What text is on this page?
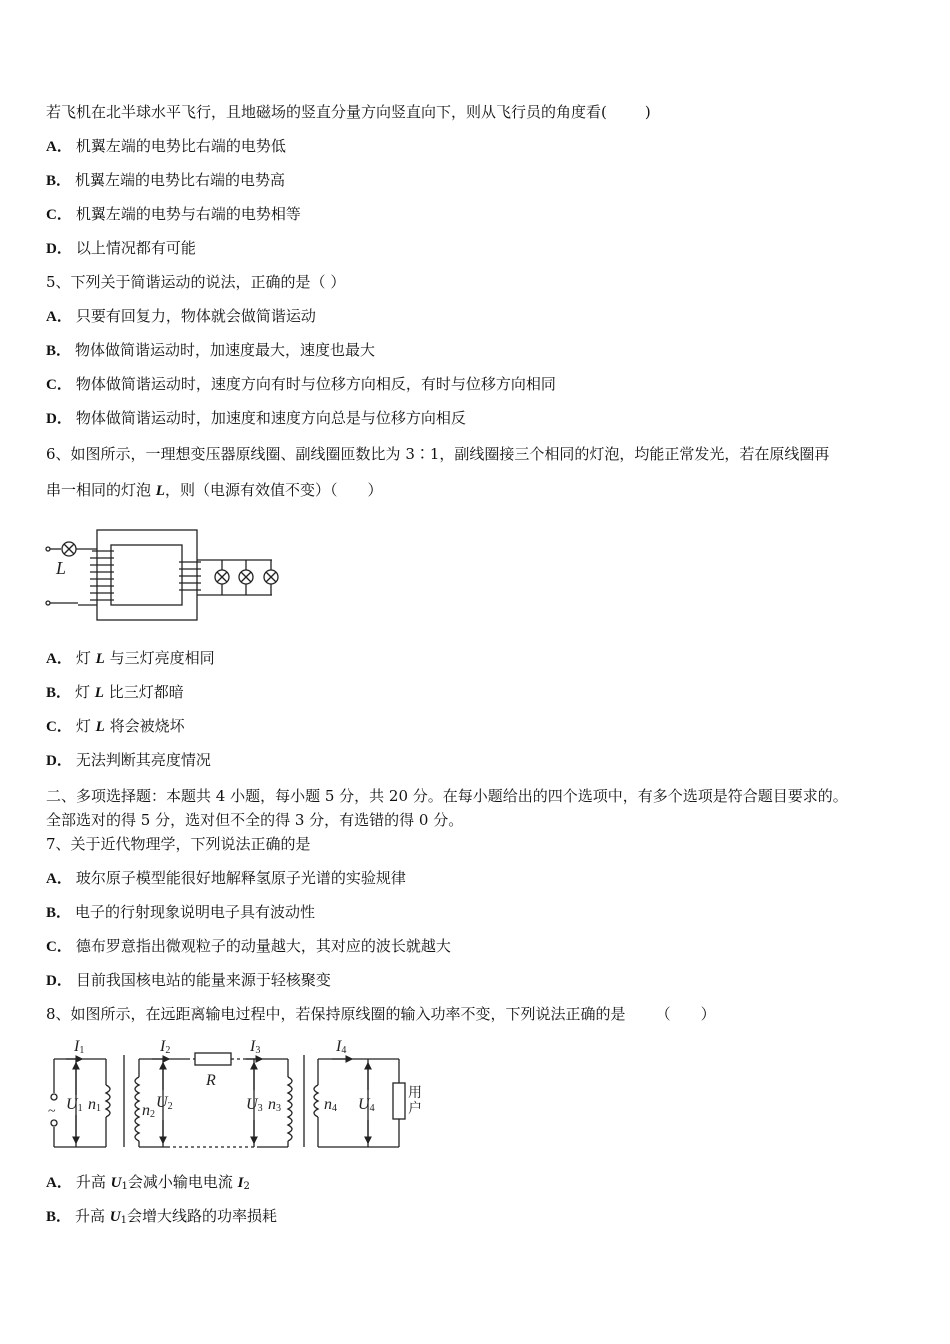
若飞机在北半球水平飞行，且地磁场的竖直分量方向竖直向下，则从飞行员的角度看(	)
A． 机翼左端的电势比右端的电势低
B． 机翼左端的电势比右端的电势高
C． 机翼左端的电势与右端的电势相等
D． 以上情况都有可能
5、下列关于简谐运动的说法，正确的是（ ）
A． 只要有回复力，物体就会做简谐运动
B． 物体做简谐运动时，加速度最大，速度也最大
C． 物体做简谐运动时，速度方向有时与位移方向相反，有时与位移方向相同
D． 物体做简谐运动时，加速度和速度方向总是与位移方向相反
6、如图所示，一理想变压器原线圈、副线圈匝数比为 3∶1，副线圈接三个相同的灯泡，均能正常发光，若在原线圈再
串一相同的灯泡 L，则（电源有效值不变）（　　）
L
A． 灯 L 与三灯亮度相同
B． 灯 L 比三灯都暗
C． 灯 L 将会被烧坏
D． 无法判断其亮度情况
二、多项选择题：本题共 4 小题，每小题 5 分，共 20 分。在每小题给出的四个选项中，有多个选项是符合题目要求的。
全部选对的得 5 分，选对但不全的得 3 分，有选错的得 0 分。
7、关于近代物理学，下列说法正确的是
A． 玻尔原子模型能很好地解释氢原子光谱的实验规律
B． 电子的行射现象说明电子具有波动性
C． 德布罗意指出微观粒子的动量越大，其对应的波长就越大
D． 目前我国核电站的能量来源于轻核聚变
8、如图所示，在远距离输电过程中，若保持原线圈的输入功率不变，下列说法正确的是 （　　）
I1	I2	I3	I4
R
U1 n1	n2
U2	U3 n3	n4 U4
~
用
户
A． 升高 $U_1$会减小输电电流 $I_2$
B． 升高 $U_1$会增大线路的功率损耗
